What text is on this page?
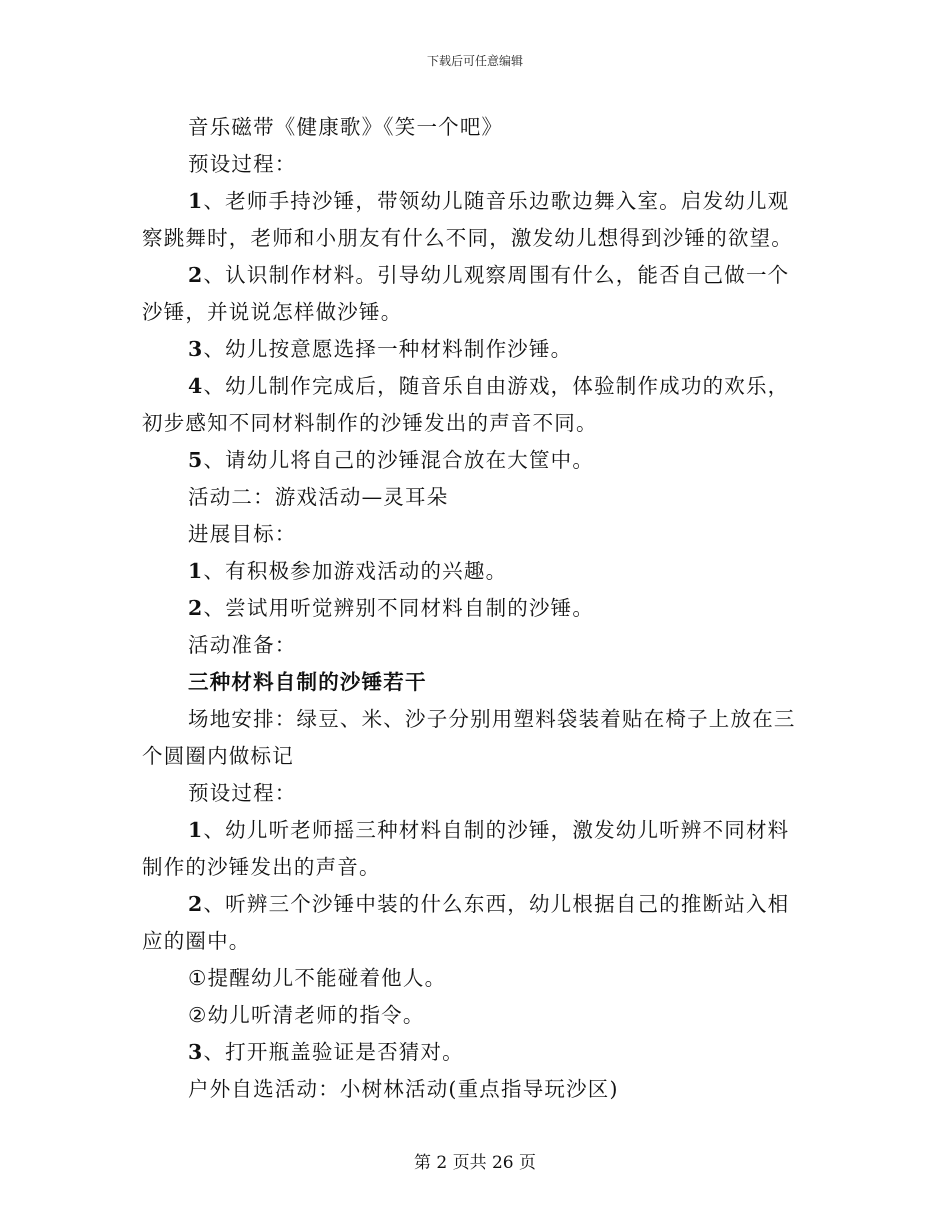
下载后可任意编辑

音乐磁带《健康歌》《笑一个吧》

预设过程：

1、老师手持沙锤，带领幼儿随音乐边歌边舞入室。启发幼儿观察跳舞时，老师和小朋友有什么不同，激发幼儿想得到沙锤的欲望。

2、认识制作材料。引导幼儿观察周围有什么，能否自己做一个沙锤，并说说怎样做沙锤。

3、幼儿按意愿选择一种材料制作沙锤。

4、幼儿制作完成后，随音乐自由游戏，体验制作成功的欢乐，初步感知不同材料制作的沙锤发出的声音不同。

5、请幼儿将自己的沙锤混合放在大筐中。

活动二：游戏活动—灵耳朵

进展目标：

1、有积极参加游戏活动的兴趣。

2、尝试用听觉辨别不同材料自制的沙锤。

活动准备：

三种材料自制的沙锤若干

场地安排：绿豆、米、沙子分别用塑料袋装着贴在椅子上放在三个圆圈内做标记

预设过程：

1、幼儿听老师摇三种材料自制的沙锤，激发幼儿听辨不同材料制作的沙锤发出的声音。

2、听辨三个沙锤中装的什么东西，幼儿根据自己的推断站入相应的圈中。

①提醒幼儿不能碰着他人。

②幼儿听清老师的指令。

3、打开瓶盖验证是否猜对。

户外自选活动：小树林活动(重点指导玩沙区)

第 2 页共 26 页
